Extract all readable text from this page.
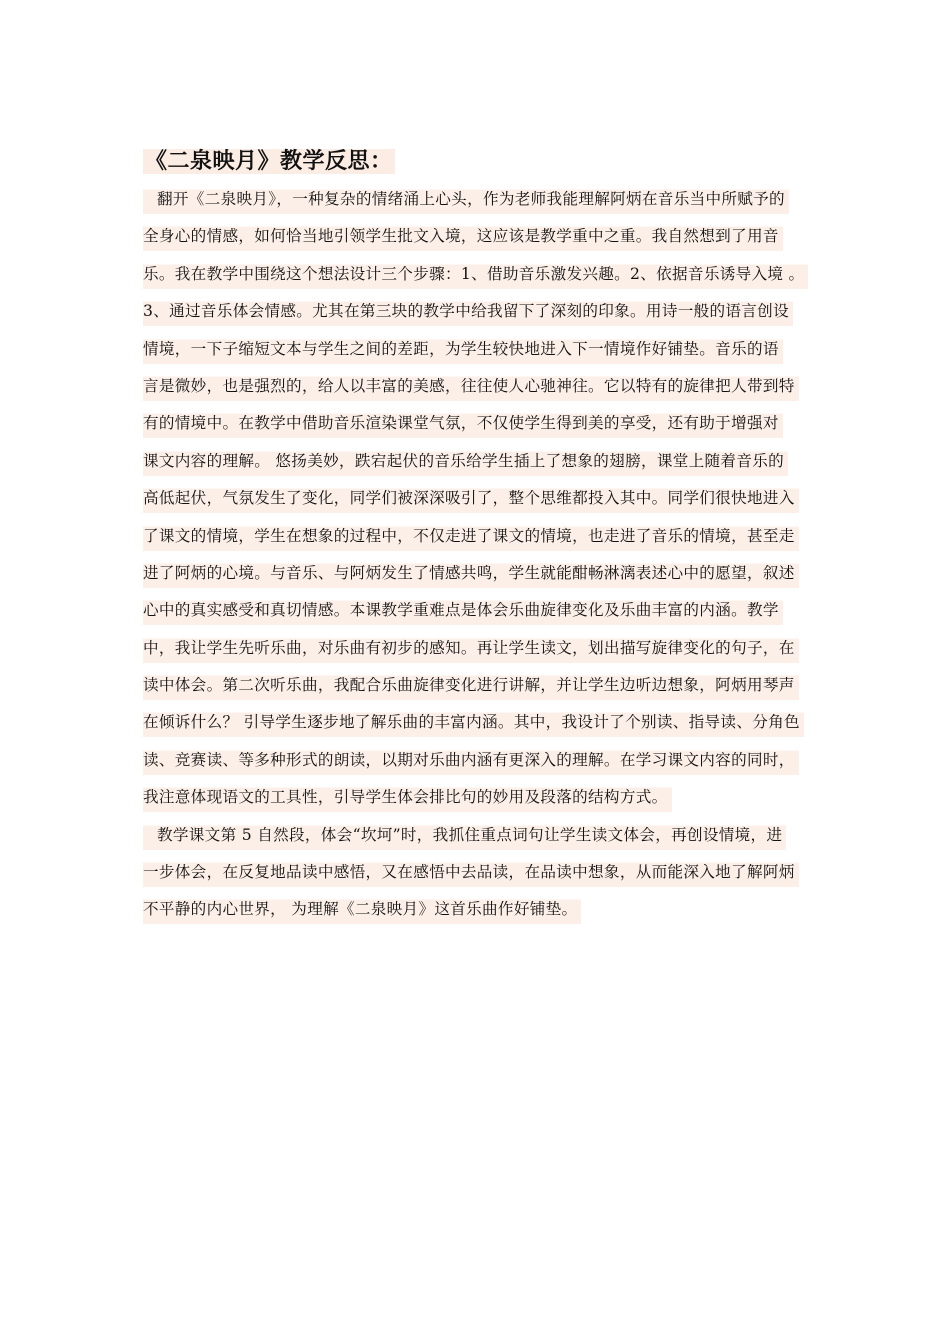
《二泉映月》教学反思：
翻开《二泉映月》，一种复杂的情绪涌上心头，作为老师我能理解阿炳在音乐当中所赋予的
全身心的情感，如何恰当地引领学生批文入境，这应该是教学重中之重。我自然想到了用音
乐。我在教学中围绕这个想法设计三个步骤：1、借助音乐激发兴趣。2、依据音乐诱导入境 。
3、通过音乐体会情感。尤其在第三块的教学中给我留下了深刻的印象。用诗一般的语言创设
情境，一下子缩短文本与学生之间的差距，为学生较快地进入下一情境作好铺垫。音乐的语
言是微妙，也是强烈的，给人以丰富的美感，往往使人心驰神往。它以特有的旋律把人带到特
有的情境中。在教学中借助音乐渲染课堂气氛，不仅使学生得到美的享受，还有助于增强对
课文内容的理解。 悠扬美妙，跌宕起伏的音乐给学生插上了想象的翅膀，课堂上随着音乐的
高低起伏，气氛发生了变化，同学们被深深吸引了，整个思维都投入其中。同学们很快地进入
了课文的情境，学生在想象的过程中，不仅走进了课文的情境，也走进了音乐的情境，甚至走
进了阿炳的心境。与音乐、与阿炳发生了情感共鸣，学生就能酣畅淋漓表述心中的愿望，叙述
心中的真实感受和真切情感。本课教学重难点是体会乐曲旋律变化及乐曲丰富的内涵。教学
中，我让学生先听乐曲，对乐曲有初步的感知。再让学生读文，划出描写旋律变化的句子，在
读中体会。第二次听乐曲，我配合乐曲旋律变化进行讲解，并让学生边听边想象，阿炳用琴声
在倾诉什么？ 引导学生逐步地了解乐曲的丰富内涵。其中，我设计了个别读、指导读、分角色
读、竞赛读、等多种形式的朗读，以期对乐曲内涵有更深入的理解。在学习课文内容的同时，
我注意体现语文的工具性，引导学生体会排比句的妙用及段落的结构方式。
教学课文第 5 自然段，体会“坎坷”时，我抓住重点词句让学生读文体会，再创设情境，进
一步体会，在反复地品读中感悟，又在感悟中去品读，在品读中想象，从而能深入地了解阿炳
不平静的内心世界， 为理解《二泉映月》这首乐曲作好铺垫。
